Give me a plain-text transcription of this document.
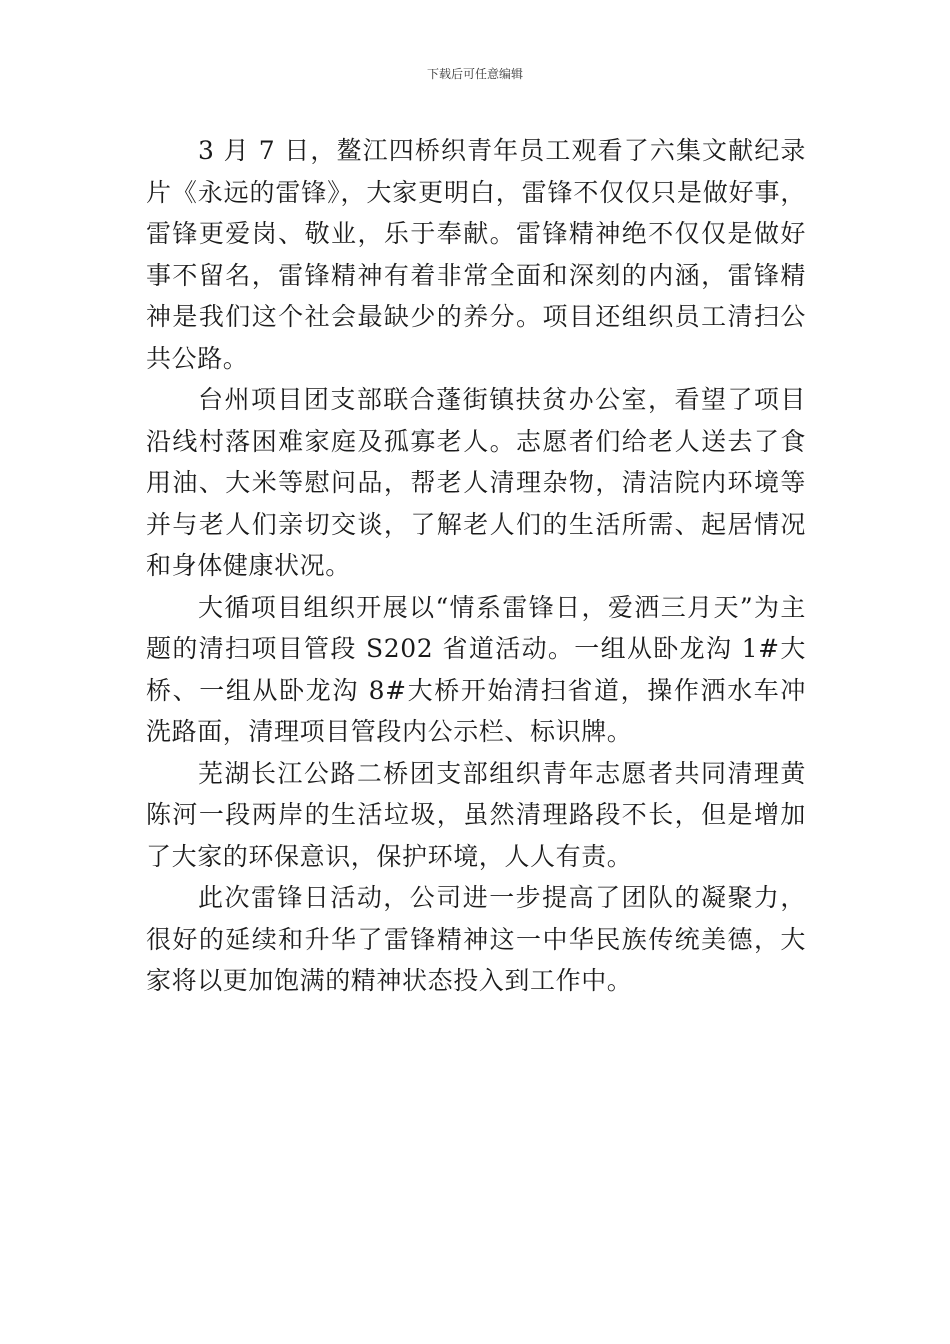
下载后可任意编辑

3 月 7 日，鳌江四桥织青年员工观看了六集文献纪录片《永远的雷锋》，大家更明白，雷锋不仅仅只是做好事，雷锋更爱岗、敬业，乐于奉献。雷锋精神绝不仅仅是做好事不留名，雷锋精神有着非常全面和深刻的内涵，雷锋精神是我们这个社会最缺少的养分。项目还组织员工清扫公共公路。

台州项目团支部联合蓬街镇扶贫办公室，看望了项目沿线村落困难家庭及孤寡老人。志愿者们给老人送去了食用油、大米等慰问品，帮老人清理杂物，清洁院内环境等并与老人们亲切交谈，了解老人们的生活所需、起居情况和身体健康状况。

大循项目组织开展以“情系雷锋日，爱洒三月天”为主题的清扫项目管段 S202 省道活动。一组从卧龙沟 1#大桥、一组从卧龙沟 8#大桥开始清扫省道，操作洒水车冲洗路面，清理项目管段内公示栏、标识牌。

芜湖长江公路二桥团支部组织青年志愿者共同清理黄陈河一段两岸的生活垃圾，虽然清理路段不长，但是增加了大家的环保意识，保护环境，人人有责。

此次雷锋日活动，公司进一步提高了团队的凝聚力，很好的延续和升华了雷锋精神这一中华民族传统美德，大家将以更加饱满的精神状态投入到工作中。
